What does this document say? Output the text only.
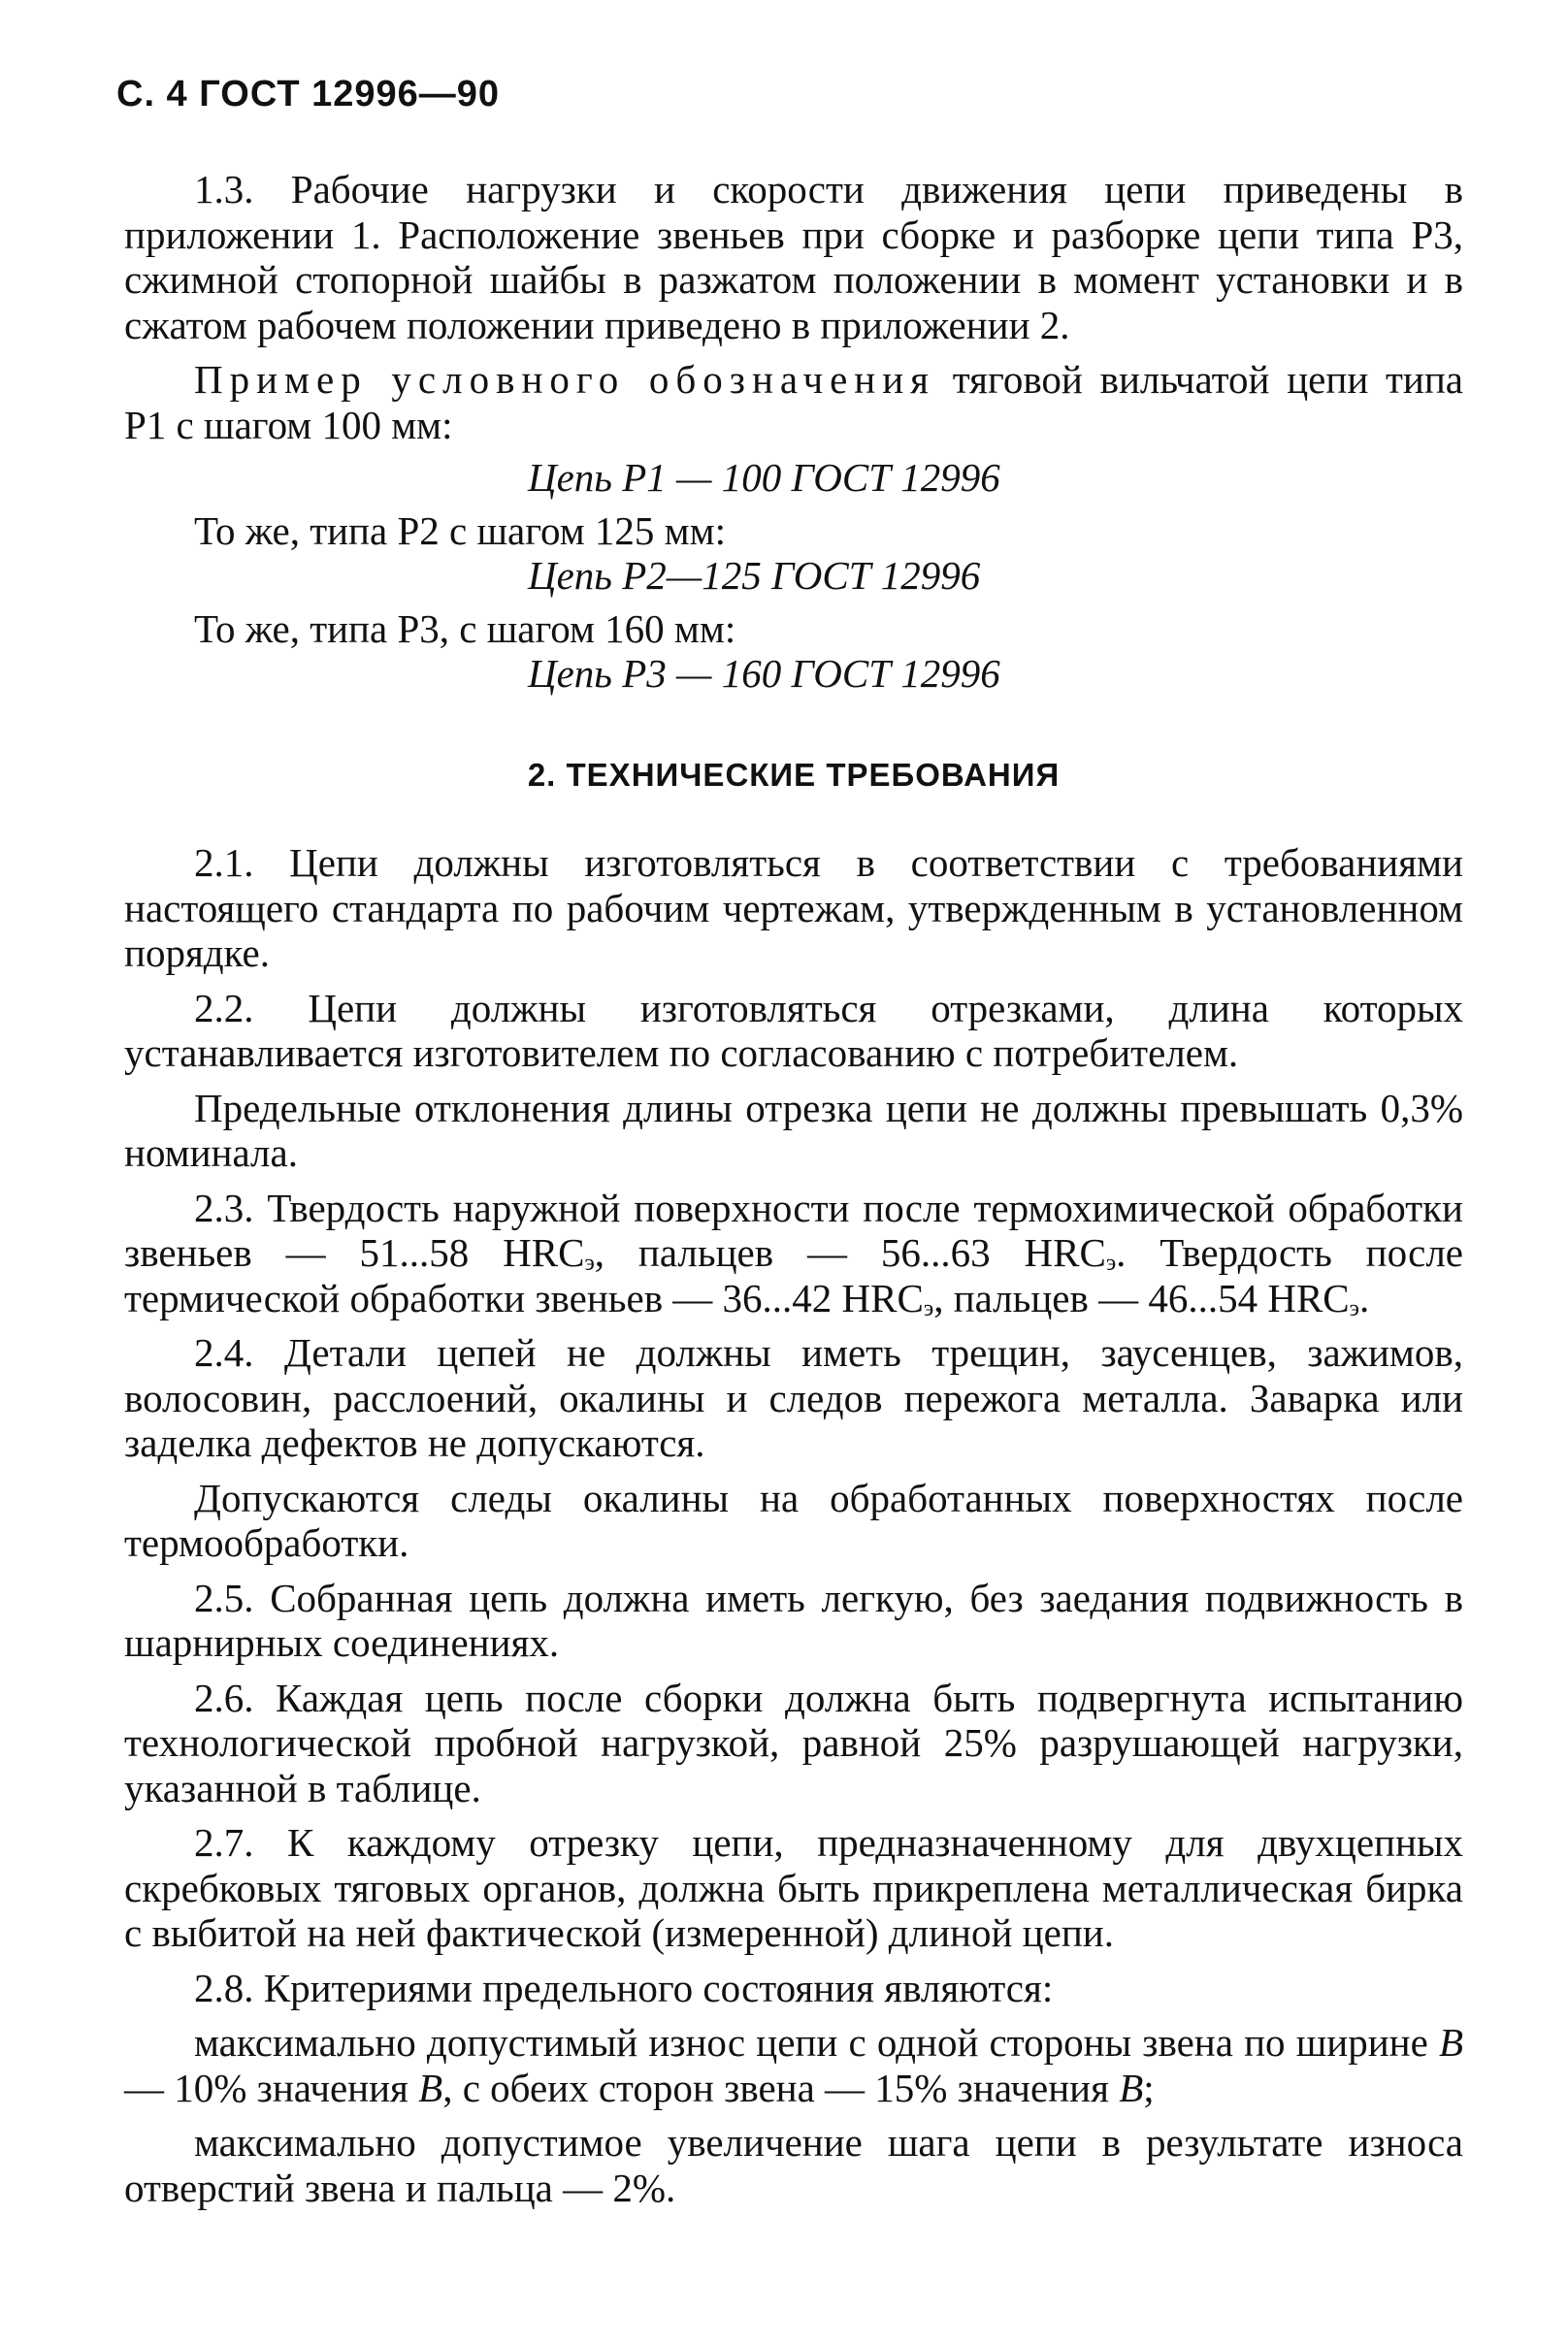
С. 4 ГОСТ 12996—90

1.3. Рабочие нагрузки и скорости движения цепи приведены в приложении 1. Расположение звеньев при сборке и разборке цепи типа Р3, сжимной стопорной шайбы в разжатом положении в момент установки и в сжатом рабочем положении приведено в приложении 2.

Пример условного обозначения тяговой вильчатой цепи типа Р1 с шагом 100 мм:

Цепь Р1 — 100 ГОСТ 12996

То же, типа Р2 с шагом 125 мм:

Цепь Р2—125 ГОСТ 12996

То же, типа Р3, с шагом 160 мм:

Цепь Р3 — 160 ГОСТ 12996

2. ТЕХНИЧЕСКИЕ ТРЕБОВАНИЯ

2.1. Цепи должны изготовляться в соответствии с требованиями настоящего стандарта по рабочим чертежам, утвержденным в установленном порядке.

2.2. Цепи должны изготовляться отрезками, длина которых устанавливается изготовителем по согласованию с потребителем.

Предельные отклонения длины отрезка цепи не должны превышать 0,3% номинала.

2.3. Твердость наружной поверхности после термохимической обработки звеньев — 51...58 $HRC_э$, пальцев — 56...63 $HRC_э$. Твердость после термической обработки звеньев — 36...42 $HRC_э$, пальцев — 46...54 $HRC_э$.

2.4. Детали цепей не должны иметь трещин, заусенцев, зажимов, волосовин, расслоений, окалины и следов пережога металла. Заварка или заделка дефектов не допускаются.

Допускаются следы окалины на обработанных поверхностях после термообработки.

2.5. Собранная цепь должна иметь легкую, без заедания подвижность в шарнирных соединениях.

2.6. Каждая цепь после сборки должна быть подвергнута испытанию технологической пробной нагрузкой, равной 25% разрушающей нагрузки, указанной в таблице.

2.7. К каждому отрезку цепи, предназначенному для двухцепных скребковых тяговых органов, должна быть прикреплена металлическая бирка с выбитой на ней фактической (измеренной) длиной цепи.

2.8. Критериями предельного состояния являются:

максимально допустимый износ цепи с одной стороны звена по ширине B — 10% значения B, с обеих сторон звена — 15% значения B;

максимально допустимое увеличение шага цепи в результате износа отверстий звена и пальца — 2%.
